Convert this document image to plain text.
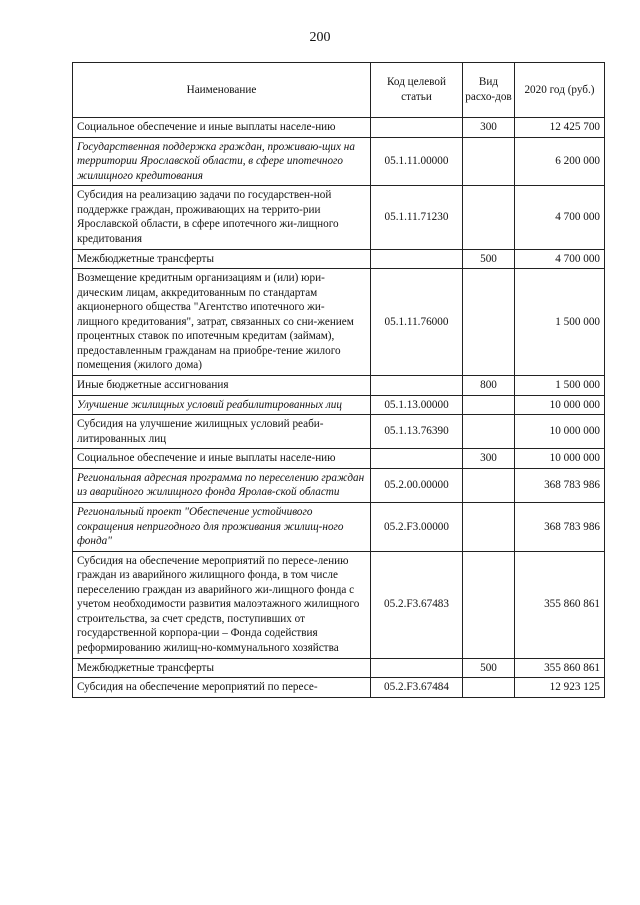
200
Наименование	Код целевой статьи	Вид расхо-дов	2020 год (руб.)
Социальное обеспечение и иные выплаты населе-нию		300	12 425 700
Государственная поддержка граждан, проживаю-щих на территории Ярославской области, в сфере ипотечного жилищного кредитования	05.1.11.00000		6 200 000
Субсидия на реализацию задачи по государствен-ной поддержке граждан, проживающих на террито-рии Ярославской области, в сфере ипотечного жи-лищного кредитования	05.1.11.71230		4 700 000
Межбюджетные трансферты		500	4 700 000
Возмещение кредитным организациям и (или) юри-дическим лицам, аккредитованным по стандартам акционерного общества "Агентство ипотечного жи-лищного кредитования", затрат, связанных со сни-жением процентных ставок по ипотечным кредитам (займам), предоставленным гражданам на приобре-тение жилого помещения (жилого дома)	05.1.11.76000		1 500 000
Иные бюджетные ассигнования		800	1 500 000
Улучшение жилищных условий реабилитированных лиц	05.1.13.00000		10 000 000
Субсидия на улучшение жилищных условий реаби-литированных лиц	05.1.13.76390		10 000 000
Социальное обеспечение и иные выплаты населе-нию		300	10 000 000
Региональная адресная программа по переселению граждан из аварийного жилищного фонда Яролав-ской области	05.2.00.00000		368 783 986
Региональный проект "Обеспечение устойчивого сокращения непригодного для проживания жилищ-ного фонда"	05.2.F3.00000		368 783 986
Субсидия на обеспечение мероприятий по пересе-лению граждан из аварийного жилищного фонда, в том числе переселению граждан из аварийного жи-лищного фонда с учетом необходимости развития малоэтажного жилищного строительства, за счет средств, поступивших от государственной корпора-ции – Фонда содействия реформированию жилищ-но-коммунального хозяйства	05.2.F3.67483		355 860 861
Межбюджетные трансферты		500	355 860 861
Субсидия на обеспечение мероприятий по пересе-	05.2.F3.67484		12 923 125
